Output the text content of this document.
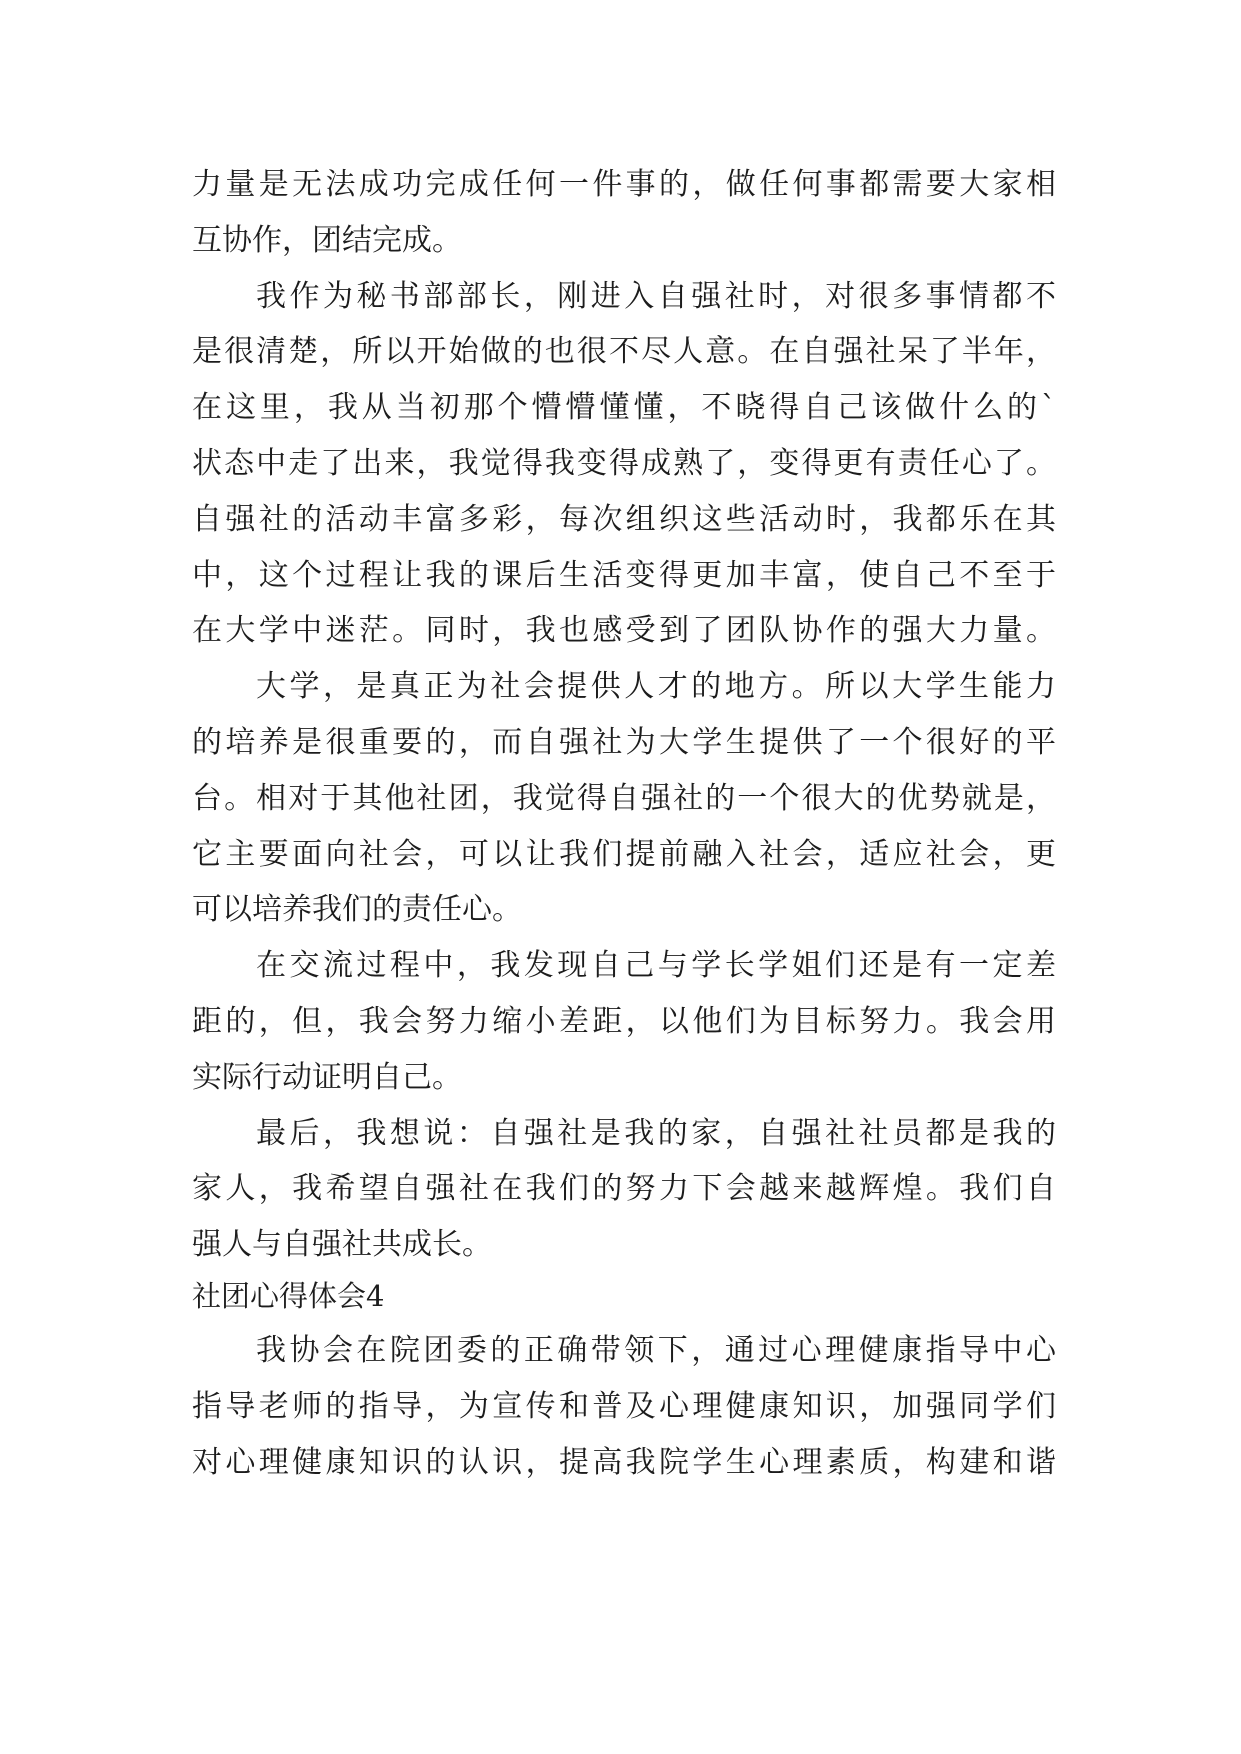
力量是无法成功完成任何一件事的，做任何事都需要大家相
互协作，团结完成。
我作为秘书部部长，刚进入自强社时，对很多事情都不
是很清楚，所以开始做的也很不尽人意。在自强社呆了半年，
在这里，我从当初那个懵懵懂懂，不晓得自己该做什么的`
状态中走了出来，我觉得我变得成熟了，变得更有责任心了。
自强社的活动丰富多彩，每次组织这些活动时，我都乐在其
中，这个过程让我的课后生活变得更加丰富，使自己不至于
在大学中迷茫。同时，我也感受到了团队协作的强大力量。
大学，是真正为社会提供人才的地方。所以大学生能力
的培养是很重要的，而自强社为大学生提供了一个很好的平
台。相对于其他社团，我觉得自强社的一个很大的优势就是，
它主要面向社会，可以让我们提前融入社会，适应社会，更
可以培养我们的责任心。
在交流过程中，我发现自己与学长学姐们还是有一定差
距的，但，我会努力缩小差距，以他们为目标努力。我会用
实际行动证明自己。
最后，我想说：自强社是我的家，自强社社员都是我的
家人，我希望自强社在我们的努力下会越来越辉煌。我们自
强人与自强社共成长。
社团心得体会4
我协会在院团委的正确带领下，通过心理健康指导中心
指导老师的指导，为宣传和普及心理健康知识，加强同学们
对心理健康知识的认识，提高我院学生心理素质，构建和谐
